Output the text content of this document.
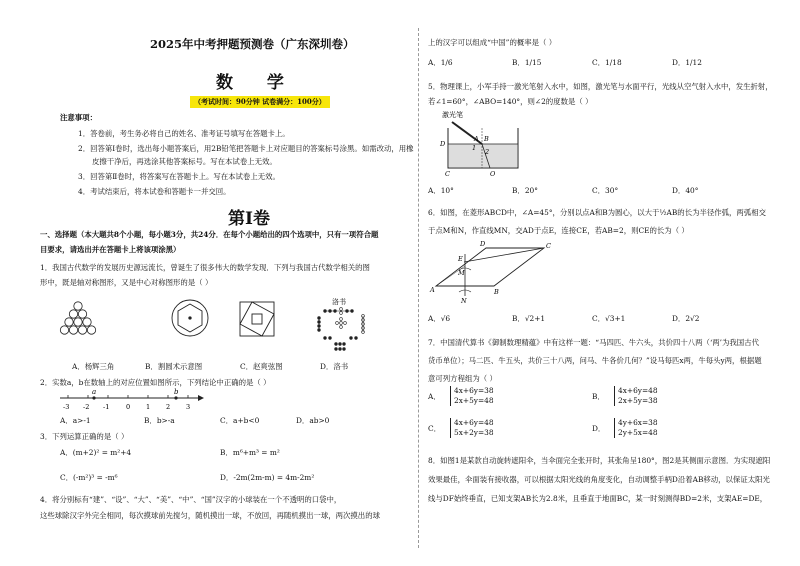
2025年中考押题预测卷（广东深圳卷）
数 学
（考试时间：90分钟 试卷满分：100分）
注意事项：
1．答卷前，考生务必将自己的姓名、准考证号填写在答题卡上。
2．回答第Ⅰ卷时，选出每小题答案后，用2B铅笔把答题卡上对应题目的答案标号涂黑。如需改动，用橡
皮擦干净后，再选涂其他答案标号。写在本试卷上无效。
3．回答第Ⅱ卷时，将答案写在答题卡上。写在本试卷上无效。
4．考试结束后，将本试卷和答题卡一并交回。
第Ⅰ卷
一、选择题（本大题共8个小题，每小题3分，共24分．在每个小题给出的四个选项中，只有一项符合题
目要求，请选出并在答题卡上将该项涂黑）
1．我国古代数学的发展历史源远流长，曾诞生了很多伟大的数学发现．下列与我国古代数学相关的图
形中，既是轴对称图形，又是中心对称图形的是（ ）
洛书
A．杨辉三角	B．割圆术示意图	C．赵爽弦图	D．洛书
2．实数a，b在数轴上的对应位置如图所示，下列结论中正确的是（ ）
a	b
-3 -2 -1	0 1 2 3
A．a>-1	B．b>-a	C．a+b<0	D．ab>0
3．下列运算正确的是（ ）
A．(m+2)² = m²+4	B．m⁶+m³ = m²
C．(-m²)³ = -m⁶	D．-2m(2m-m) = 4m-2m²
4．将分别标有“建”、“设”、“大”、“美”、“中”、“国”汉字的小球装在一个不透明的口袋中，
这些球除汉字外完全相同，每次摸球前先搅匀，随机摸出一球，不放回，再随机摸出一球，两次摸出的球
上的汉字可以组成“中国”的概率是（ ）
A．1/6	B．1/15	C．1/18	D．1/12
5．物理课上，小军手持一激光笔射入水中，如图，激光笔与水面平行，光线从空气射入水中，发生折射，
若∠1=60°，∠ABO=140°，则∠2的度数是（ ）
激光笔
A B
D
C	O
1 2
A．10°	B．20°	C．30°	D．40°
6．如图，在菱形ABCD中，∠A=45°，分别以点A和B为圆心，以大于½AB的长为半径作弧，两弧相交
于点M和N，作直线MN，交AD于点E，连接CE，若AB=2，则CE的长为（ ）
D	C
E
M
A	B
N
A．√6	B．√2+1	C．√3+1	D．2√2
7．中国清代算书《御制数理精蕴》中有这样一题：“马四匹、牛六头，共价四十八两（‘两’为我国古代
货币单位）；马二匹、牛五头，共价三十八两，问马、牛各价几何？”设马每匹x两，牛每头y两，根据题
意可列方程组为（ ）
A．
4x+6y=38
2x+5y=48	B．
4x+6y=48
2x+5y=38
C．
4x+6y=48
5x+2y=38	D．
4y+6x=38
2y+5x=48
8．如图1是某款自动旋转遮阳伞，当伞面完全张开时，其张角呈180°，图2是其侧面示意图．为实现遮阳
效果最佳，伞面装有接收器，可以根据太阳光线的角度变化，自动调整手柄D沿着AB移动，以保证太阳光
线与DF始终垂直，已知支架AB长为2.8米，且垂直于地面BC，某一时刻测得BD=2米，支架AE=DE，
